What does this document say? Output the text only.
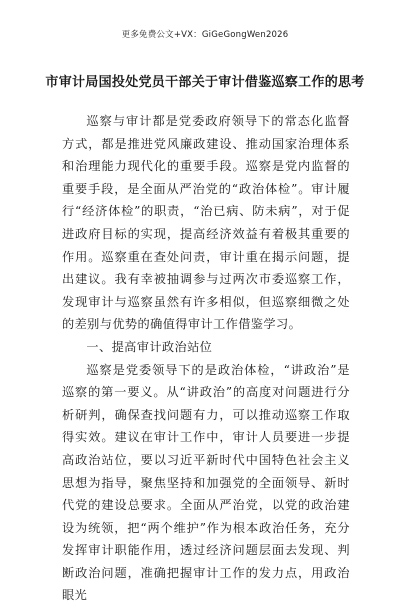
更多免费公文+VX：GiGeGongWen2026
市审计局国投处党员干部关于审计借鉴巡察工作的思考

巡察与审计都是党委政府领导下的常态化监督方式，都是推进党风廉政建设、推动国家治理体系和治理能力现代化的重要手段。巡察是党内监督的重要手段，是全面从严治党的“政治体检”。审计履行“经济体检”的职责，“治已病、防未病”，对于促进政府目标的实现，提高经济效益有着极其重要的作用。巡察重在查处问责，审计重在揭示问题，提出建议。我有幸被抽调参与过两次市委巡察工作，发现审计与巡察虽然有许多相似，但巡察细微之处的差别与优势的确值得审计工作借鉴学习。

一、提高审计政治站位

巡察是党委领导下的是政治体检，“讲政治”是巡察的第一要义。从“讲政治”的高度对问题进行分析研判，确保查找问题有力，可以推动巡察工作取得实效。建议在审计工作中，审计人员要进一步提高政治站位，要以习近平新时代中国特色社会主义思想为指导，聚焦坚持和加强党的全面领导、新时代党的建设总要求。全面从严治党，以党的政治建设为统领，把“两个维护”作为根本政治任务，充分发挥审计职能作用，透过经济问题层面去发现、判断政治问题，准确把握审计工作的发力点，用政治眼光
